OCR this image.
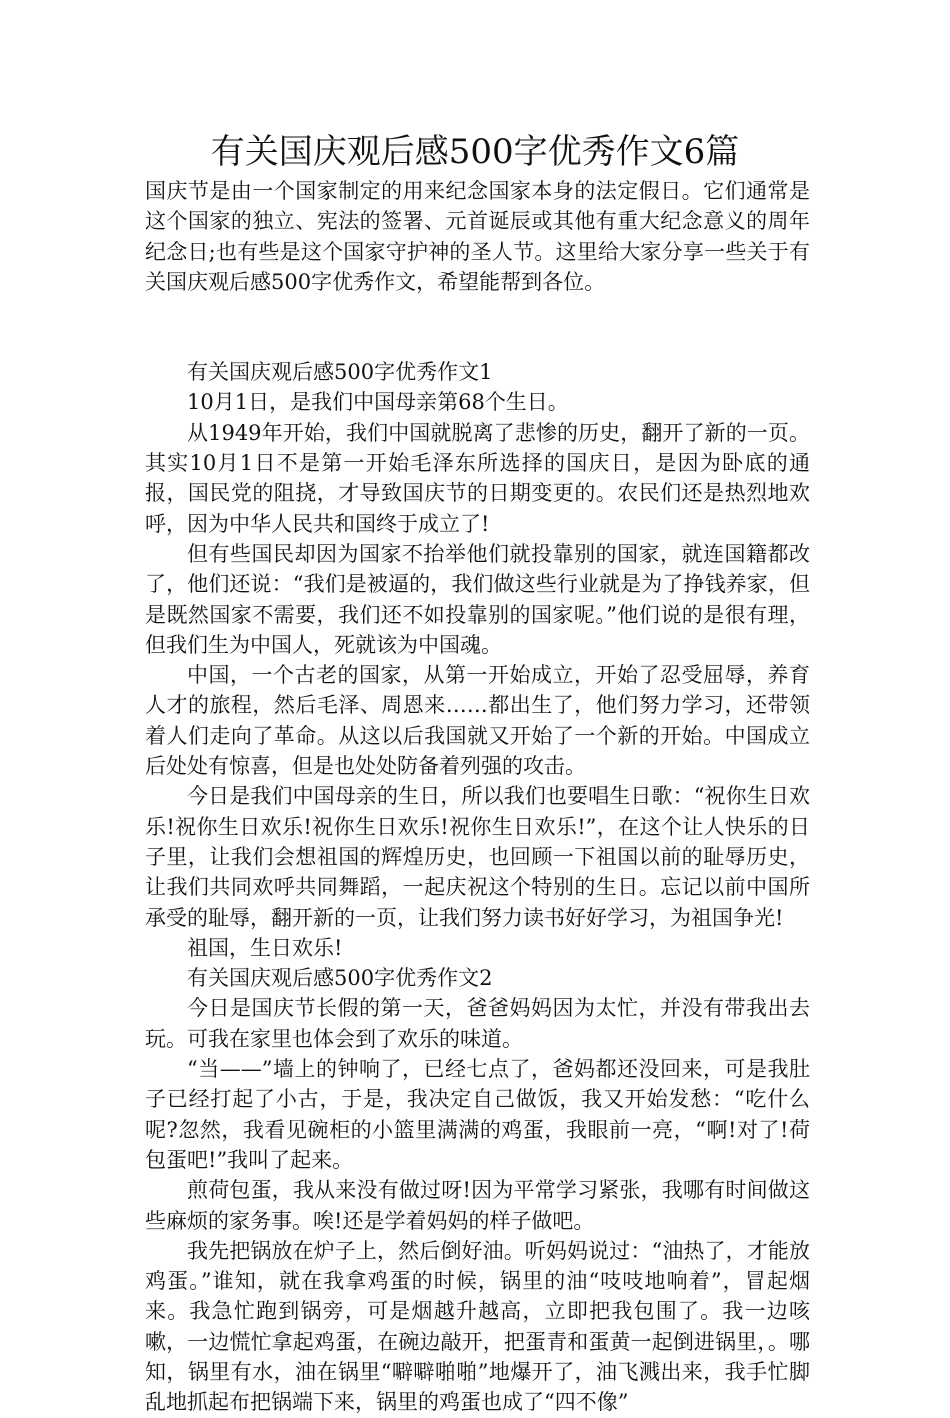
有关国庆观后感500字优秀作文6篇

国庆节是由一个国家制定的用来纪念国家本身的法定假日。它们通常是这个国家的独立、宪法的签署、元首诞辰或其他有重大纪念意义的周年纪念日;也有些是这个国家守护神的圣人节。这里给大家分享一些关于有关国庆观后感500字优秀作文，希望能帮到各位。

有关国庆观后感500字优秀作文1

10月1日，是我们中国母亲第68个生日。

从1949年开始，我们中国就脱离了悲惨的历史，翻开了新的一页。其实10月1日不是第一开始毛泽东所选择的国庆日，是因为卧底的通报，国民党的阻挠，才导致国庆节的日期变更的。农民们还是热烈地欢呼，因为中华人民共和国终于成立了!

但有些国民却因为国家不抬举他们就投靠别的国家，就连国籍都改了，他们还说：“我们是被逼的，我们做这些行业就是为了挣钱养家，但是既然国家不需要，我们还不如投靠别的国家呢。”他们说的是很有理，但我们生为中国人，死就该为中国魂。

中国，一个古老的国家，从第一开始成立，开始了忍受屈辱，养育人才的旅程，然后毛泽、周恩来……都出生了，他们努力学习，还带领着人们走向了革命。从这以后我国就又开始了一个新的开始。中国成立后处处有惊喜，但是也处处防备着列强的攻击。

今日是我们中国母亲的生日，所以我们也要唱生日歌：“祝你生日欢乐!祝你生日欢乐!祝你生日欢乐!祝你生日欢乐!”，在这个让人快乐的日子里，让我们会想祖国的辉煌历史，也回顾一下祖国以前的耻辱历史，让我们共同欢呼共同舞蹈，一起庆祝这个特别的生日。忘记以前中国所承受的耻辱，翻开新的一页，让我们努力读书好好学习，为祖国争光!

祖国，生日欢乐!

有关国庆观后感500字优秀作文2

今日是国庆节长假的第一天，爸爸妈妈因为太忙，并没有带我出去玩。可我在家里也体会到了欢乐的味道。

“当——”墙上的钟响了，已经七点了，爸妈都还没回来，可是我肚子已经打起了小古，于是，我决定自己做饭，我又开始发愁：“吃什么呢?忽然，我看见碗柜的小篮里满满的鸡蛋，我眼前一亮，“啊!对了!荷包蛋吧!”我叫了起来。

煎荷包蛋，我从来没有做过呀!因为平常学习紧张，我哪有时间做这些麻烦的家务事。唉!还是学着妈妈的样子做吧。

我先把锅放在炉子上，然后倒好油。听妈妈说过：“油热了，才能放鸡蛋。”谁知，就在我拿鸡蛋的时候，锅里的油“吱吱地响着”，冒起烟来。我急忙跑到锅旁，可是烟越升越高，立即把我包围了。我一边咳嗽，一边慌忙拿起鸡蛋，在碗边敲开，把蛋青和蛋黄一起倒进锅里，。哪知，锅里有水，油在锅里“噼噼啪啪”地爆开了，油飞溅出来，我手忙脚乱地抓起布把锅端下来，锅里的鸡蛋也成了“四不像”
